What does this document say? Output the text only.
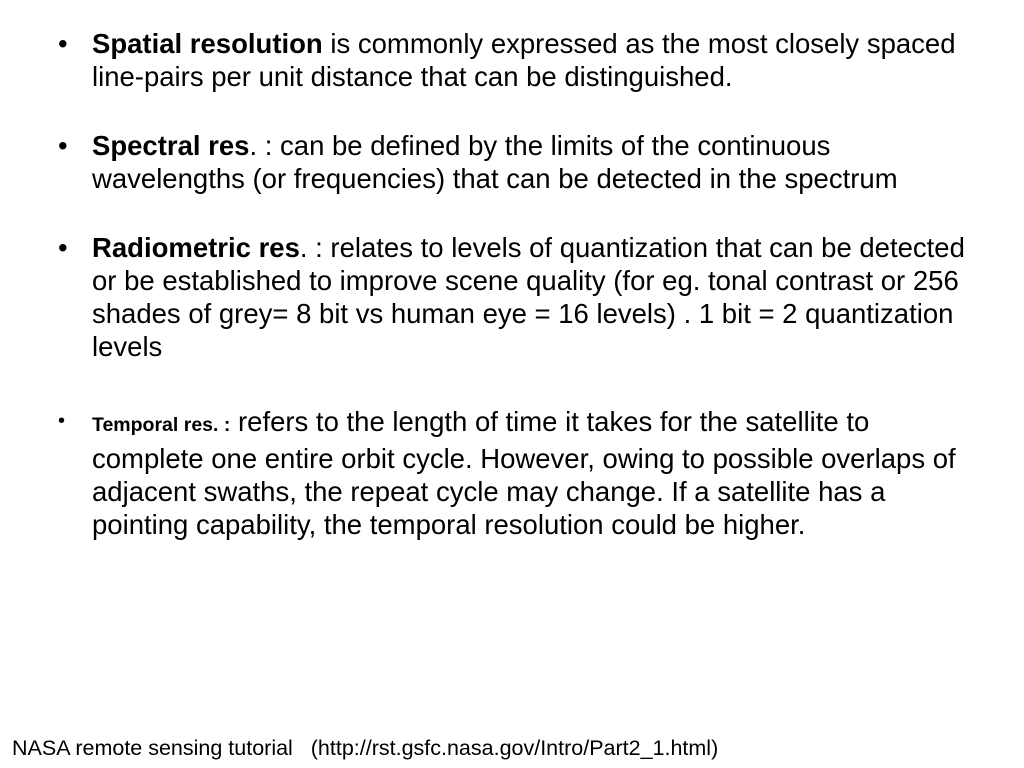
• Spatial resolution is commonly expressed as the most closely spaced line-pairs per unit distance that can be distinguished.
• Spectral res. : can be defined by the limits of the continuous wavelengths (or frequencies) that can be detected in the spectrum
• Radiometric res. : relates to levels of quantization that can be detected or be established to improve scene quality (for eg. tonal contrast or 256 shades of grey= 8 bit vs human eye = 16 levels) . 1 bit = 2 quantization levels
• Temporal res. : refers to the length of time it takes for the satellite to complete one entire orbit cycle. However, owing to possible overlaps of adjacent swaths, the repeat cycle may change. If a satellite has a pointing capability, the temporal resolution could be higher.
NASA remote sensing tutorial (http://rst.gsfc.nasa.gov/Intro/Part2_1.html)
